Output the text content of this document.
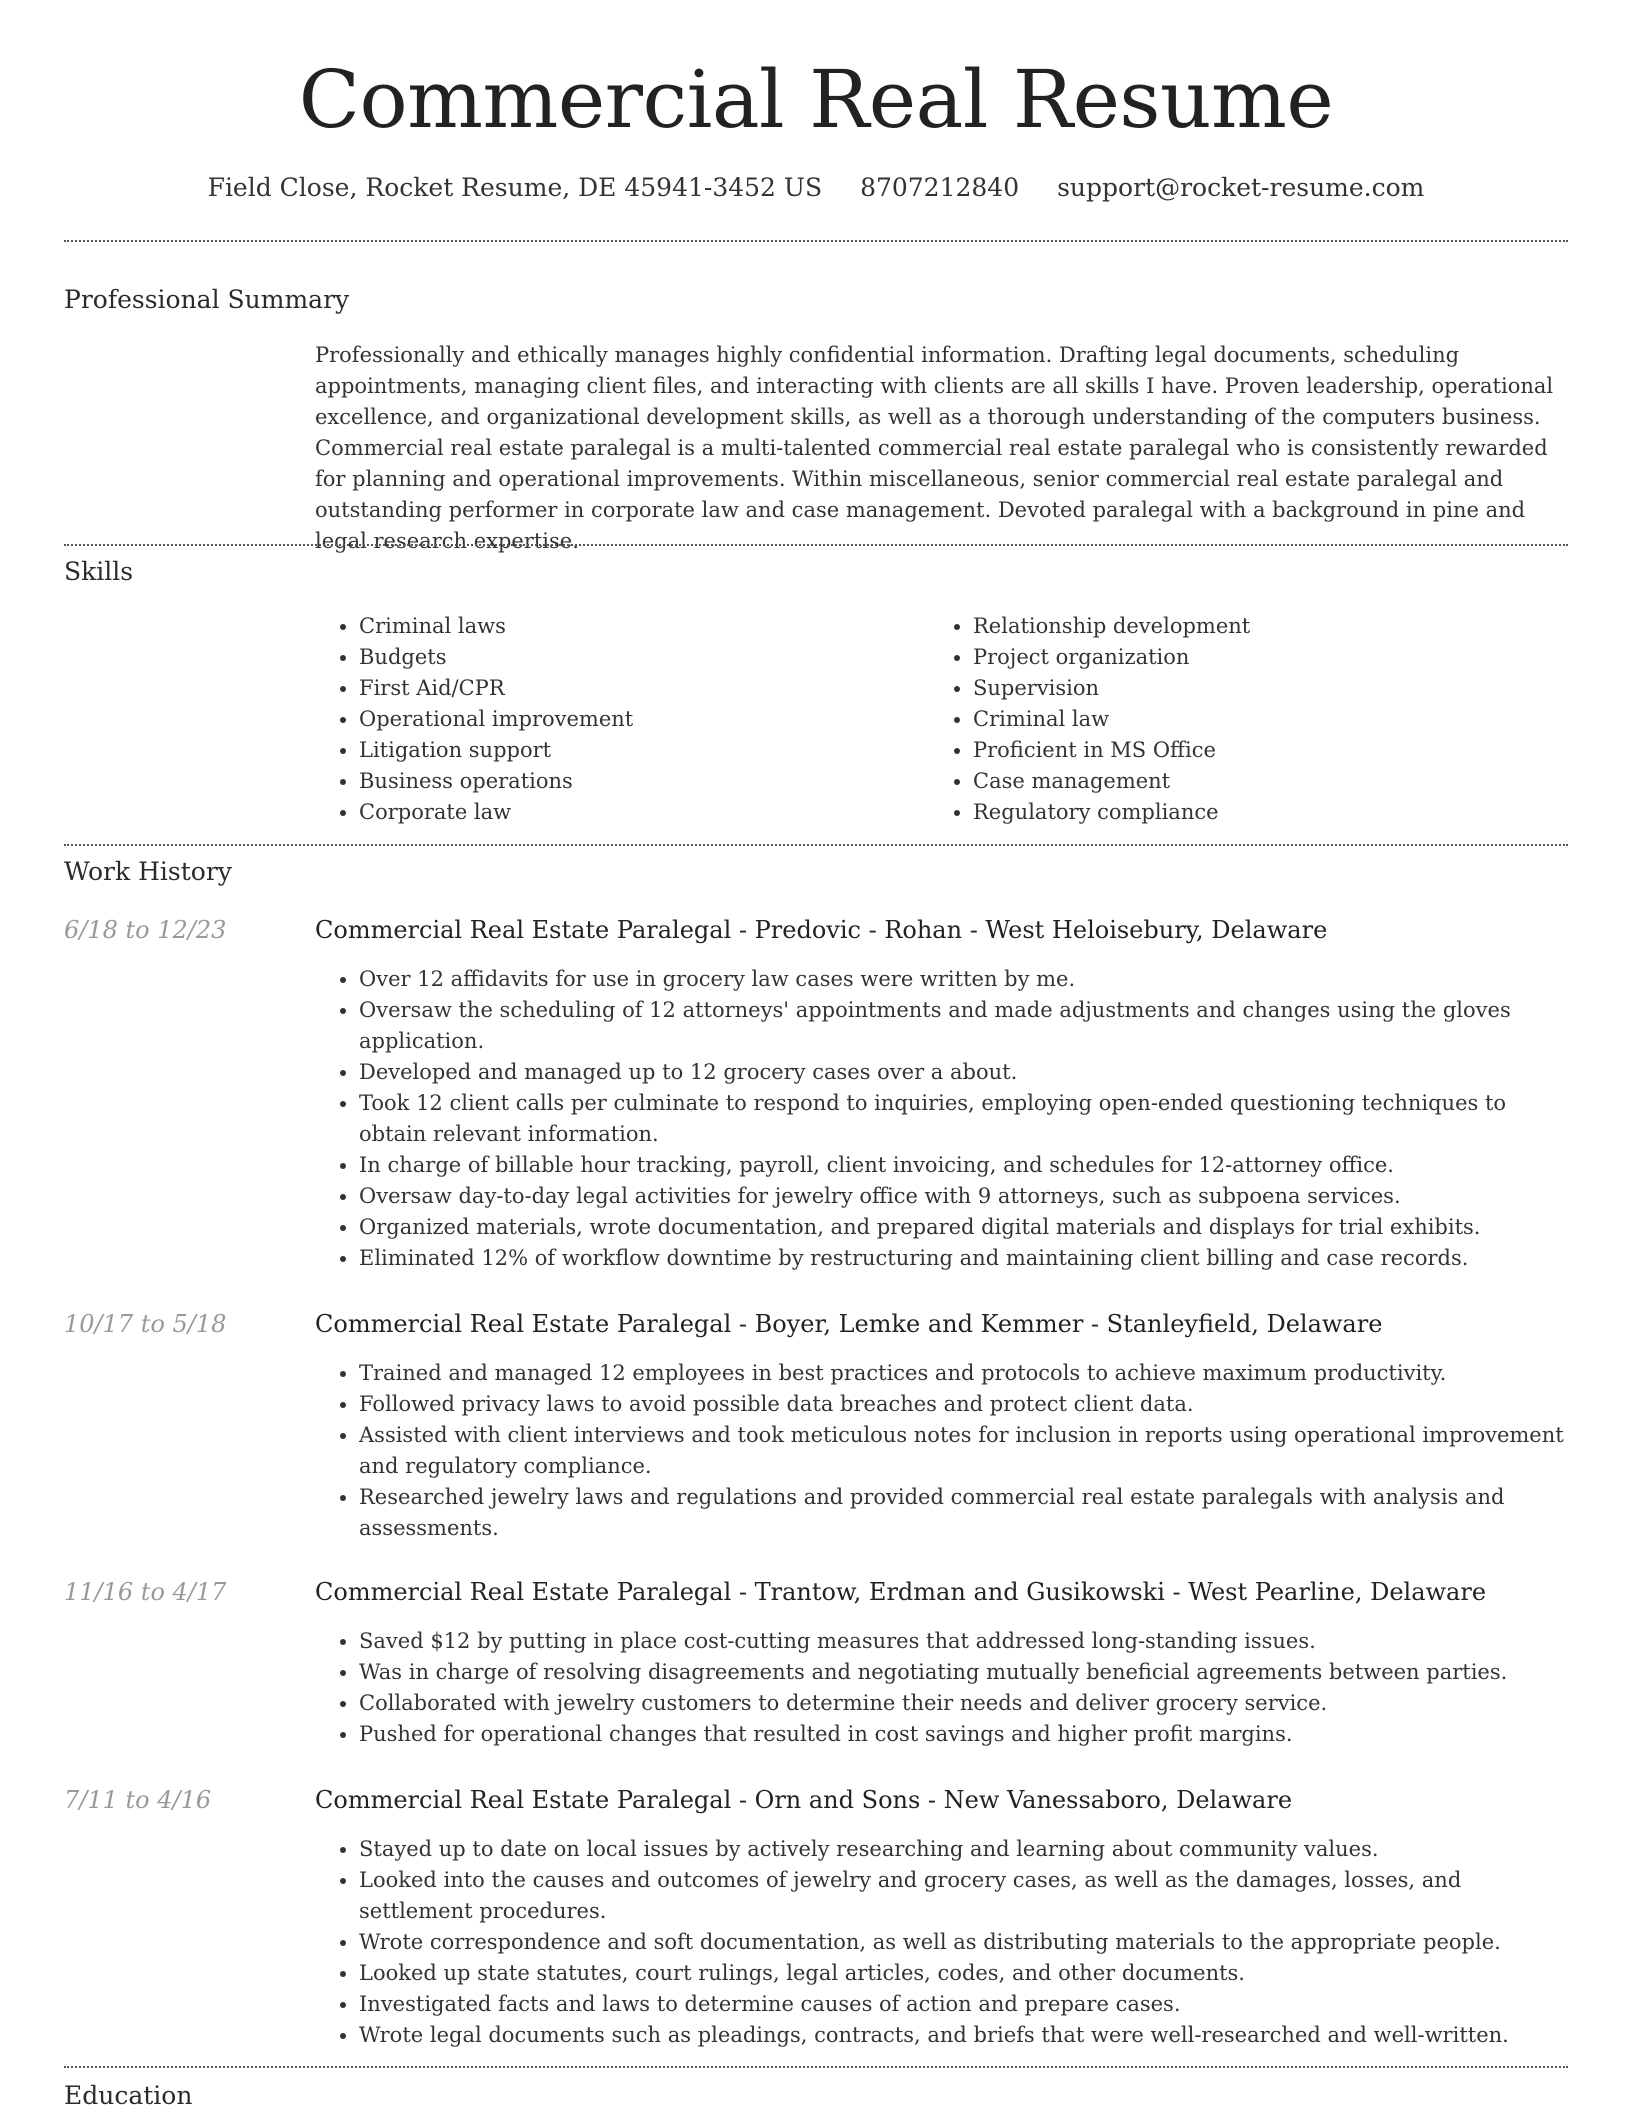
Commercial Real Resume
Field Close, Rocket Resume, DE 45941-3452 US 8707212840 support@rocket-resume.com
Professional Summary

Professionally and ethically manages highly confidential information. Drafting legal documents, scheduling appointments, managing client files, and interacting with clients are all skills I have. Proven leadership, operational excellence, and organizational development skills, as well as a thorough understanding of the computers business. Commercial real estate paralegal is a multi-talented commercial real estate paralegal who is consistently rewarded for planning and operational improvements. Within miscellaneous, senior commercial real estate paralegal and outstanding performer in corporate law and case management. Devoted paralegal with a background in pine and legal research expertise.

Skills
• Criminal laws
• Budgets
• First Aid/CPR
• Operational improvement
• Litigation support
• Business operations
• Corporate law
• Relationship development
• Project organization
• Supervision
• Criminal law
• Proficient in MS Office
• Case management
• Regulatory compliance
Work History
6/18 to 12/23	Commercial Real Estate Paralegal - Predovic - Rohan - West Heloisebury, Delaware
• Over 12 affidavits for use in grocery law cases were written by me.
• Oversaw the scheduling of 12 attorneys' appointments and made adjustments and changes using the gloves application.
• Developed and managed up to 12 grocery cases over a about.
• Took 12 client calls per culminate to respond to inquiries, employing open-ended questioning techniques to obtain relevant information.
• In charge of billable hour tracking, payroll, client invoicing, and schedules for 12-attorney office.
• Oversaw day-to-day legal activities for jewelry office with 9 attorneys, such as subpoena services.
• Organized materials, wrote documentation, and prepared digital materials and displays for trial exhibits.
• Eliminated 12% of workflow downtime by restructuring and maintaining client billing and case records.
10/17 to 5/18	Commercial Real Estate Paralegal - Boyer, Lemke and Kemmer - Stanleyfield, Delaware
• Trained and managed 12 employees in best practices and protocols to achieve maximum productivity.
• Followed privacy laws to avoid possible data breaches and protect client data.
• Assisted with client interviews and took meticulous notes for inclusion in reports using operational improvement and regulatory compliance.
• Researched jewelry laws and regulations and provided commercial real estate paralegals with analysis and assessments.
11/16 to 4/17	Commercial Real Estate Paralegal - Trantow, Erdman and Gusikowski - West Pearline, Delaware
• Saved $12 by putting in place cost-cutting measures that addressed long-standing issues.
• Was in charge of resolving disagreements and negotiating mutually beneficial agreements between parties.
• Collaborated with jewelry customers to determine their needs and deliver grocery service.
• Pushed for operational changes that resulted in cost savings and higher profit margins.
7/11 to 4/16	Commercial Real Estate Paralegal - Orn and Sons - New Vanessaboro, Delaware
• Stayed up to date on local issues by actively researching and learning about community values.
• Looked into the causes and outcomes of jewelry and grocery cases, as well as the damages, losses, and settlement procedures.
• Wrote correspondence and soft documentation, as well as distributing materials to the appropriate people.
• Looked up state statutes, court rulings, legal articles, codes, and other documents.
• Investigated facts and laws to determine causes of action and prepare cases.
• Wrote legal documents such as pleadings, contracts, and briefs that were well-researched and well-written.
Education
